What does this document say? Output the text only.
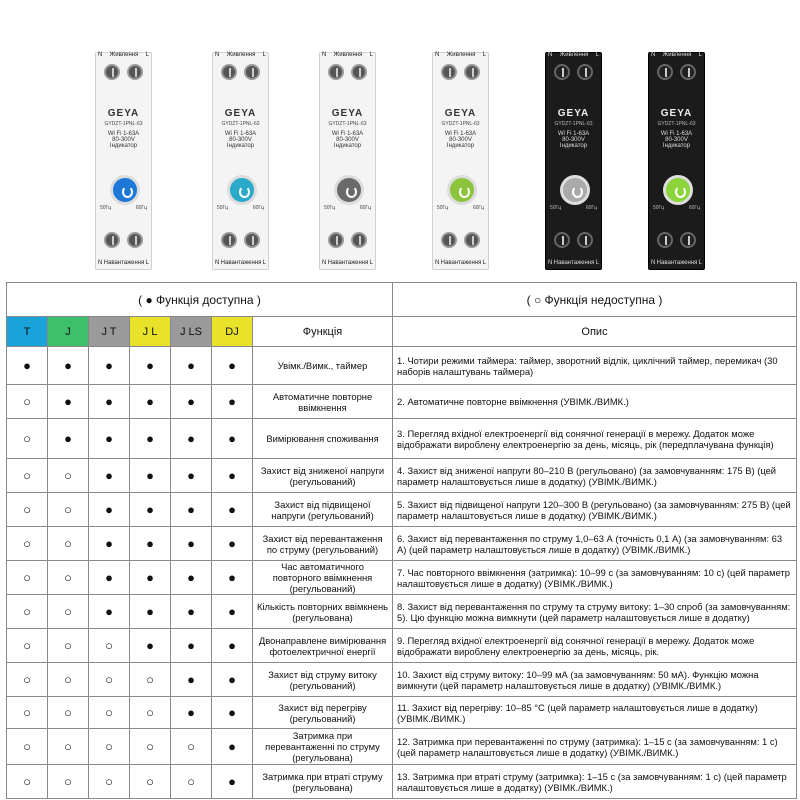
N Живлення L
GEYA
GYDZT-1PNL-63
Wi Fi 1-63A
80-300V
Індикатор
50Гц	60Гц
N Навантаження L
N Живлення L
GEYA
GYDZT-1PNL-63
Wi Fi 1-63A
80-300V
Індикатор
50Гц	60Гц
N Навантаження L
N Живлення L
GEYA
GYDZT-1PNL-63
Wi Fi 1-63A
80-300V
Індикатор
50Гц	60Гц
N Навантаження L
N Живлення L
GEYA
GYDZT-1PNL-63
Wi Fi 1-63A
80-300V
Індикатор
50Гц	60Гц
N Навантаження L
N Живлення L
GEYA
GYDZT-1PNL-63
Wi Fi 1-63A
80-300V
Індикатор
50Гц	60Гц
N Навантаження L
N Живлення L
GEYA
GYDZT-1PNL-63
Wi Fi 1-63A
80-300V
Індикатор
50Гц	60Гц
N Навантаження L
( ● Функція доступна )							( ○ Функція недоступна )
T	J	J T	J L	J LS	DJ	Функція	Опис
●	●	●	●	●	●	Увімк./Вимк., таймер	1. Чотири режими таймера: таймер, зворотний відлік, циклічний таймер, перемикач (30 наборів налаштувань таймера)
○	●	●	●	●	●	Автоматичне повторне ввімкнення	2. Автоматичне повторне ввімкнення (УВІМК./ВИМК.)
○	●	●	●	●	●	Вимірювання споживання	3. Перегляд вхідної електроенергії від сонячної генерації в мережу. Додаток може відображати вироблену електроенергію за день, місяць, рік (передплачувана функція)
○	○	●	●	●	●	Захист від зниженої напруги (регульований)	4. Захист від зниженої напруги 80–210 В (регульовано) (за замовчуванням: 175 В) (цей параметр налаштовується лише в додатку) (УВІМК./ВИМК.)
○	○	●	●	●	●	Захист від підвищеної напруги (регульований)	5. Захист від підвищеної напруги 120–300 В (регульовано) (за замовчуванням: 275 В) (цей параметр налаштовується лише в додатку) (УВІМК./ВИМК.)
○	○	●	●	●	●	Захист від перевантаження по струму (регульований)	6. Захист від перевантаження по струму 1,0–63 А (точність 0,1 А) (за замовчуванням: 63 А) (цей параметр налаштовується лише в додатку) (УВІМК./ВИМК.)
○	○	●	●	●	●	Час автоматичного повторного ввімкнення (регульований)	7. Час повторного ввімкнення (затримка): 10–99 с (за замовчуванням: 10 с) (цей параметр налаштовується лише в додатку) (УВІМК./ВИМК.)
○	○	●	●	●	●	Кількість повторних ввімкнень (регульована)	8. Захист від перевантаження по струму та струму витоку: 1–30 спроб (за замовчуванням: 5). Цю функцію можна вимкнути (цей параметр налаштовується лише в додатку)
○	○	○	●	●	●	Двонаправлене вимірювання фотоелектричної енергії	9. Перегляд вхідної електроенергії від сонячної генерації в мережу. Додаток може відображати вироблену електроенергію за день, місяць, рік.
○	○	○	○	●	●	Захист від струму витоку (регульований)	10. Захист від струму витоку: 10–99 мА (за замовчуванням: 50 мА). Функцію можна вимкнути (цей параметр налаштовується лише в додатку) (УВІМК./ВИМК.)
○	○	○	○	●	●	Захист від перегріву (регульований)	11. Захист від перегріву: 10–85 °C (цей параметр налаштовується лише в додатку) (УВІМК./ВИМК.)
○	○	○	○	○	●	Затримка при перевантаженні по струму (регульована)	12. Затримка при перевантаженні по струму (затримка): 1–15 с (за замовчуванням: 1 с) (цей параметр налаштовується лише в додатку) (УВІМК./ВИМК.)
○	○	○	○	○	●	Затримка при втраті струму (регульована)	13. Затримка при втраті струму (затримка): 1–15 с (за замовчуванням: 1 с) (цей параметр налаштовується лише в додатку) (УВІМК./ВИМК.)
